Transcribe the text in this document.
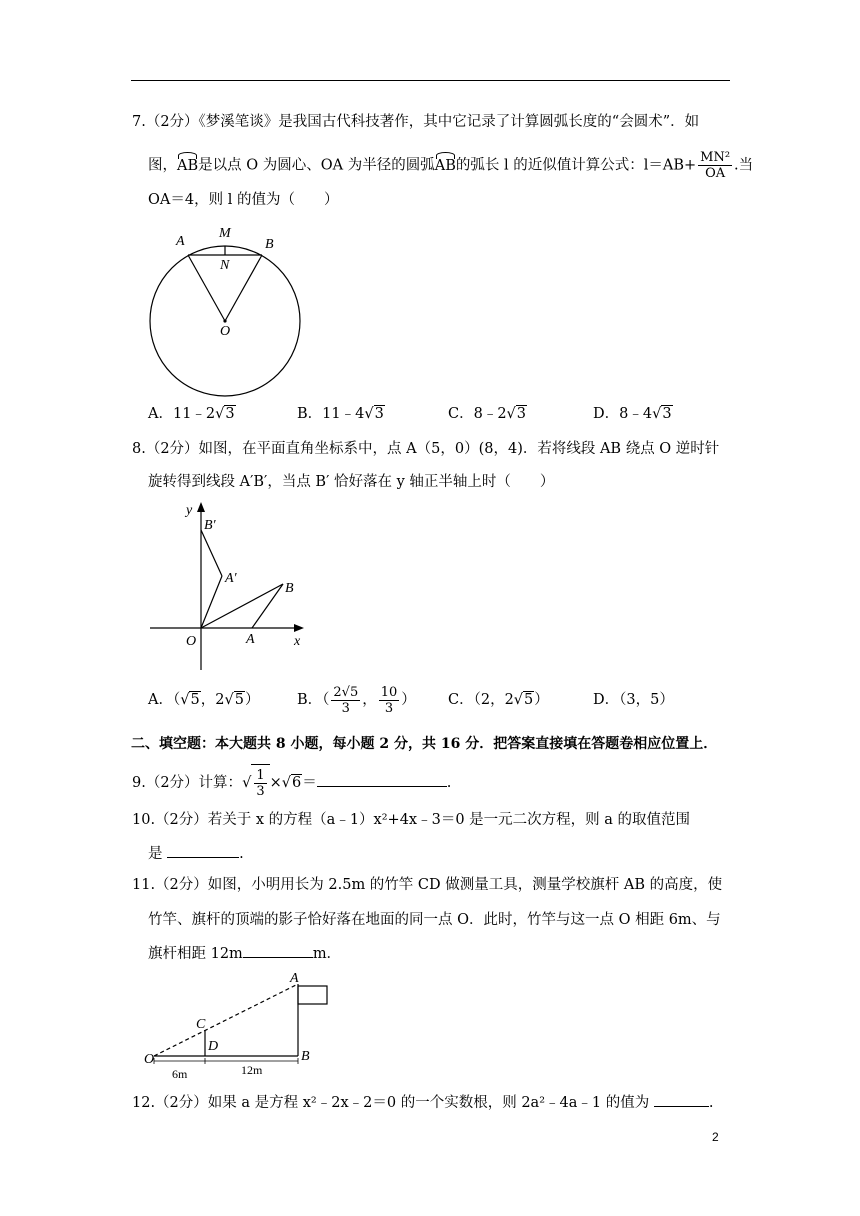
7.（2分）《梦溪笔谈》是我国古代科技著作，其中它记录了计算圆弧长度的“会圆术”．如
图，AB是以点 O 为圆心、OA 为半径的圆弧AB的弧长 l 的近似值计算公式：$l=AB+ \frac{\text{MN²}}{OA}$ .当
OA＝4，则 l 的值为（　　）
A	B
M
N
O
A．11﹣2√3	B．11﹣4√3	C．8﹣2√3	D．8﹣4√3
8.（2分）如图，在平面直角坐标系中，点 A（5，0）(8，4)．若将线段 AB 绕点 O 逆时针
旋转得到线段 A′B′，当点 B′ 恰好落在 y 轴正半轴上时（　　）
y
x
B′
A′
B
O	A
A．（√5，2√5）	B．（ $\frac{2√5}{3}$ ， $\frac{10}{3}$ ） C．（2，2√5）	D．（3，5）
二、填空题：本大题共 8 小题，每小题 2 分，共 16 分．把答案直接填在答题卷相应位置上．
9.（2分）计算：√ $\frac{1}{3} \times√6=$	.
10.（2分）若关于 x 的方程（a﹣1）x²+4x﹣3＝0 是一元二次方程，则 a 的取值范围
是	.
11.（2分）如图，小明用长为 2.5m 的竹竿 CD 做测量工具，测量学校旗杆 AB 的高度，使
竹竿、旗杆的顶端的影子恰好落在地面的同一点 O．此时，竹竿与这一点 O 相距 6m、与
旗杆相距 12m	m．
A
C
D
O	B
6m	12m
12.（2分）如果 a 是方程 x²﹣2x﹣2＝0 的一个实数根，则 2a²﹣4a﹣1 的值为	.
2
